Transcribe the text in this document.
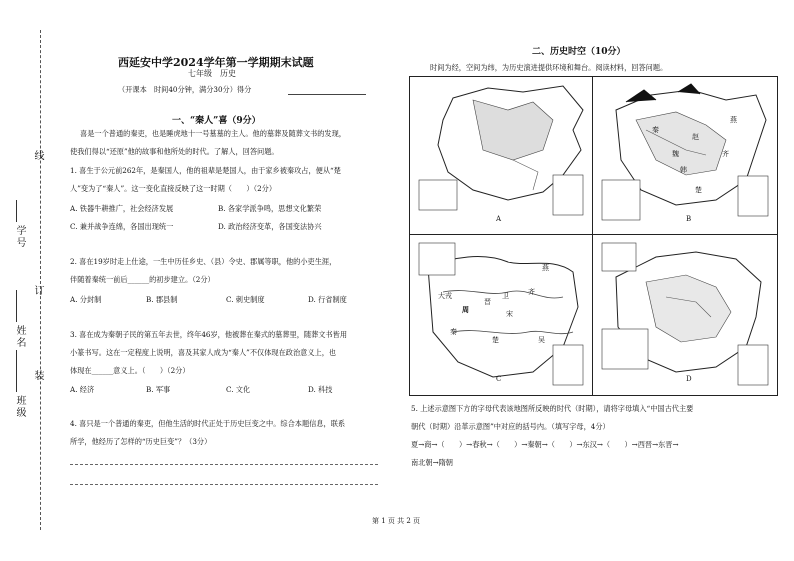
线
订
装
学号
姓名
班级
西延安中学2024学年第一学期期末试题
七年级　历史
（开课本　时间40分钟，满分30分）得分
一、“秦人”喜（9分）
喜是一个普通的秦吏，也是睡虎地十一号墓墓的主人。他的墓葬及随葬文书的发现，
使我们得以“还原”他的故事和他所处的时代。了解人，回答问题。
1. 喜生于公元前262年，是秦国人，他的祖辈是楚国人，由于家乡被秦攻占，便从“楚
人”变为了“秦人”。这一变化直接反映了这一时期（　　）（2分）
A. 铁器牛耕推广，社会经济发展	B. 各家学派争鸣，思想文化繁荣
C. 兼并战争连绵，各国出现统一	D. 政治经济变革，各国变法协兴
2. 喜在19岁时走上仕途，一生中历任乡史、（县）令史、郡属等职，他的小吏生涯，
伴随着秦统一前后______的初步建立。（2分）
A. 分封制	B. 郡县制	C. 刺史制度	D. 行省制度
3. 喜在成为秦朝子民的第五年去世，终年46岁，他被葬在秦式的墓葬里，随葬文书皆用
小篆书写。这在一定程度上说明，喜及其家人成为“秦人”不仅体现在政治意义上，也
体现在______意义上。（　　）（2分）
A. 经济	B. 军事	C. 文化	D. 科技
4. 喜只是一个普通的秦吏，但他生活的时代正处于历史巨变之中。综合本题信息，联系
所学，他经历了怎样的“历史巨变”？（3分）
二、历史时空（10分）
时间为经，空间为纬，为历史演进提供环境和舞台。阅读材料，回答问题。
A	B
秦
魏
赵
韩
楚
燕
齐
C
大戎
周
晋
秦
卫
宋
楚	吴
齐
燕
D
5. 上述示意图下方的字母代表该地图所反映的时代（时期），请将字母填入“中国古代主要
朝代（时期）沿革示意图”中对应的括号内。（填写字母，4分）
夏→商→（　　）→春秋→（　　）→秦朝→（　　）→东汉→（　　）→西晋→东晋→
南北朝→隋朝
第 1 页 共 2 页
